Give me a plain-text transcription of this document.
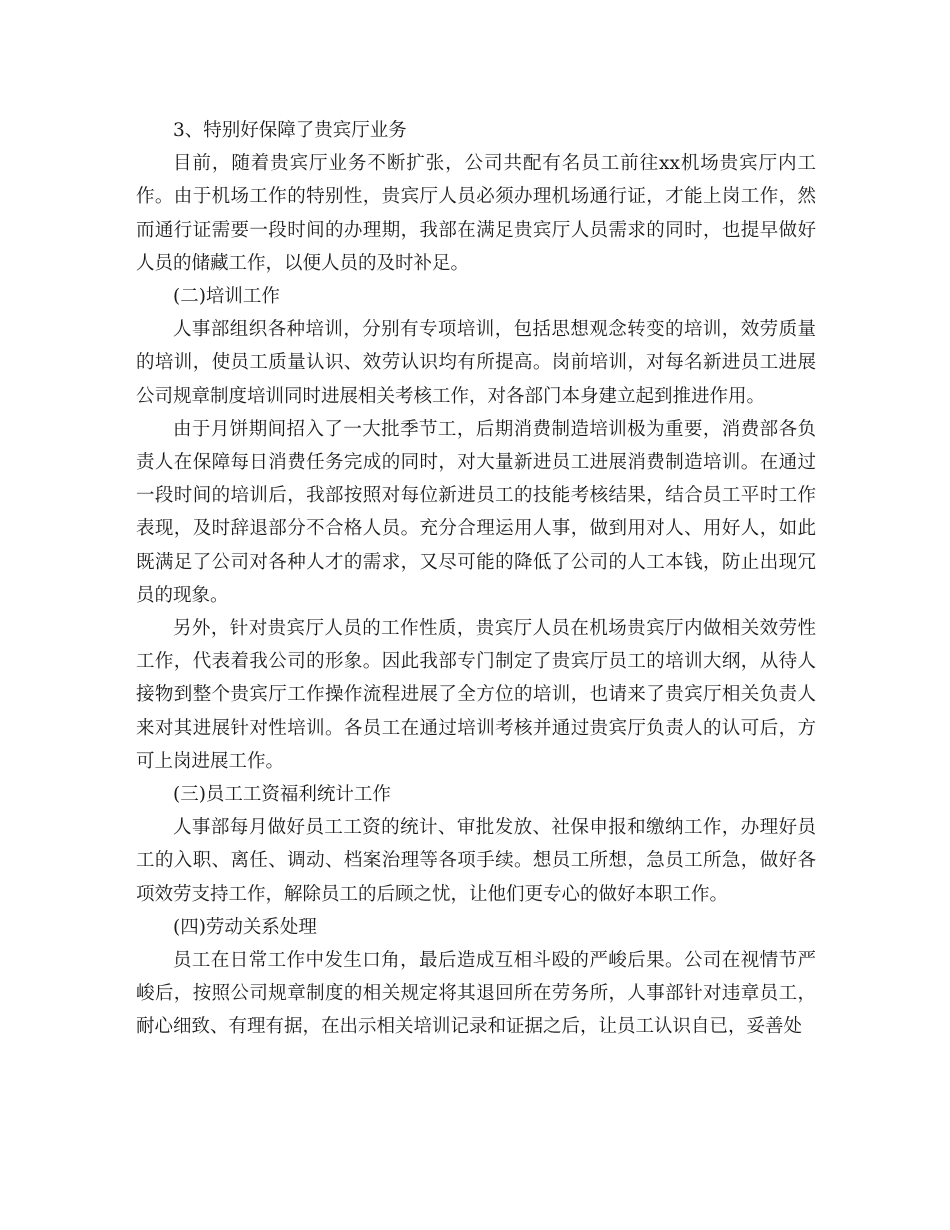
3、特别好保障了贵宾厅业务

目前，随着贵宾厅业务不断扩张，公司共配有名员工前往xx机场贵宾厅内工作。由于机场工作的特别性，贵宾厅人员必须办理机场通行证，才能上岗工作，然而通行证需要一段时间的办理期，我部在满足贵宾厅人员需求的同时，也提早做好人员的储藏工作，以便人员的及时补足。

(二)培训工作

人事部组织各种培训，分别有专项培训，包括思想观念转变的培训，效劳质量的培训，使员工质量认识、效劳认识均有所提高。岗前培训，对每名新进员工进展公司规章制度培训同时进展相关考核工作，对各部门本身建立起到推进作用。

由于月饼期间招入了一大批季节工，后期消费制造培训极为重要，消费部各负责人在保障每日消费任务完成的同时，对大量新进员工进展消费制造培训。在通过一段时间的培训后，我部按照对每位新进员工的技能考核结果，结合员工平时工作表现，及时辞退部分不合格人员。充分合理运用人事，做到用对人、用好人，如此既满足了公司对各种人才的需求，又尽可能的降低了公司的人工本钱，防止出现冗员的现象。

另外，针对贵宾厅人员的工作性质，贵宾厅人员在机场贵宾厅内做相关效劳性工作，代表着我公司的形象。因此我部专门制定了贵宾厅员工的培训大纲，从待人接物到整个贵宾厅工作操作流程进展了全方位的培训，也请来了贵宾厅相关负责人来对其进展针对性培训。各员工在通过培训考核并通过贵宾厅负责人的认可后，方可上岗进展工作。

(三)员工工资福利统计工作

人事部每月做好员工工资的统计、审批发放、社保申报和缴纳工作，办理好员工的入职、离任、调动、档案治理等各项手续。想员工所想，急员工所急，做好各项效劳支持工作，解除员工的后顾之忧，让他们更专心的做好本职工作。

(四)劳动关系处理

员工在日常工作中发生口角，最后造成互相斗殴的严峻后果。公司在视情节严峻后，按照公司规章制度的相关规定将其退回所在劳务所，人事部针对违章员工，耐心细致、有理有据，在出示相关培训记录和证据之后，让员工认识自已，妥善处
